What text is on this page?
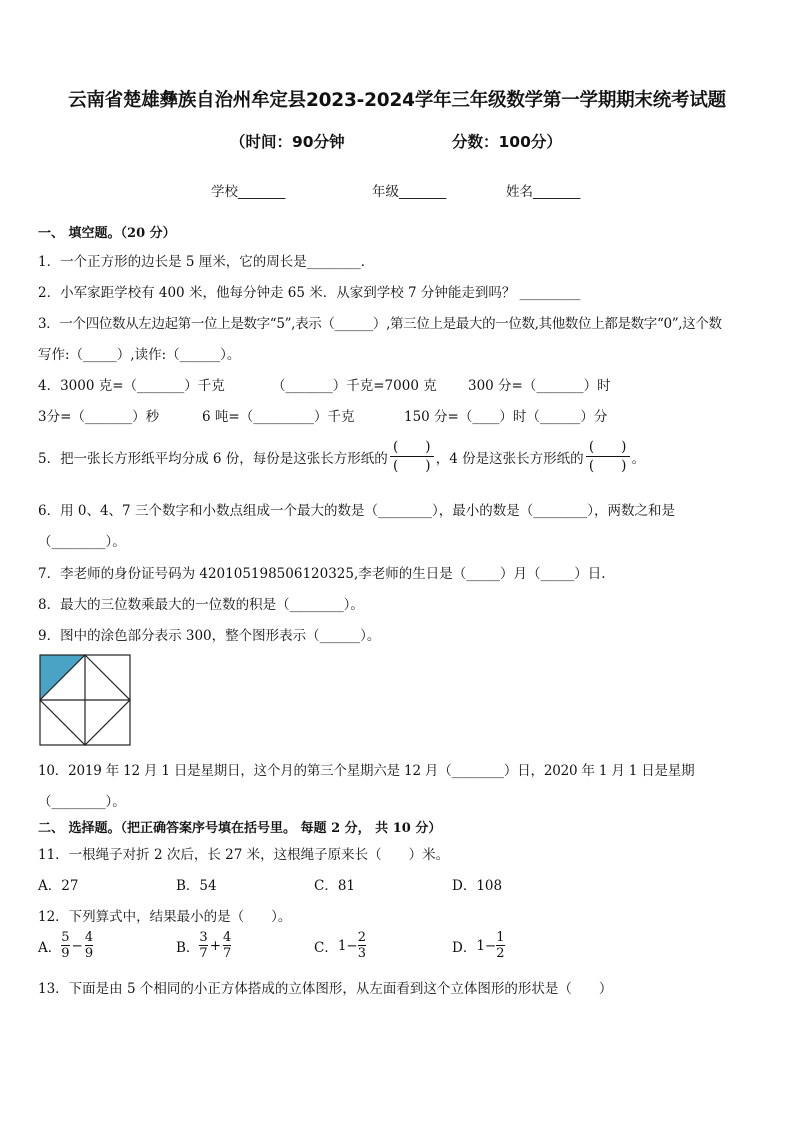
云南省楚雄彝族自治州牟定县2023-2024学年三年级数学第一学期期末统考试题
（时间：90分钟	分数：100分）
学校_______	年级_______	姓名_______
一、 填空题。（20 分）
1．一个正方形的边长是 5 厘米，它的周长是________．
2．小军家距学校有 400 米，他每分钟走 65 米．从家到学校 7 分钟能走到吗？ _________
3．一个四位数从左边起第一位上是数字“5”,表示（______）,第三位上是最大的一位数,其他数位上都是数字“0”,这个数
写作:（_____）,读作:（______）。
4．3000 克=（_______）千克	（_______）千克=7000 克 300 分=（_______）时
3分=（_______）秒	6 吨=（_________）千克	150 分=（____）时（______）分
5．把一张长方形纸平均分成 6 份，每份是这张长方形纸的 $\frac{( )}{( )}$ ，4 份是这张长方形纸的 $\frac{( )}{( )}$ 。
6．用 0、4、7 三个数字和小数点组成一个最大的数是（________），最小的数是（________），两数之和是
（________）。
7．李老师的身份证号码为 420105198506120325,李老师的生日是（_____）月（_____）日.
8．最大的三位数乘最大的一位数的积是（________）。
9．图中的涂色部分表示 300，整个图形表示（______）。
10．2019 年 12 月 1 日是星期日，这个月的第三个星期六是 12 月（________）日，2020 年 1 月 1 日是星期
（________）。
二、 选择题。（把正确答案序号填在括号里。 每题 2 分， 共 10 分）
11．一根绳子对折 2 次后，长 27 米，这根绳子原来长（　　）米。
A．27	B．54	C．81	D．108
12．下列算式中，结果最小的是（　　）。
A． $\frac{5}{9} - \frac{4}{9}$	B． $\frac{3}{7} + \frac{4}{7}$	C． $1- \frac{2}{3}$	D． $1- \frac{1}{2}$
13．下面是由 5 个相同的小正方体搭成的立体图形，从左面看到这个立体图形的形状是（　　）
